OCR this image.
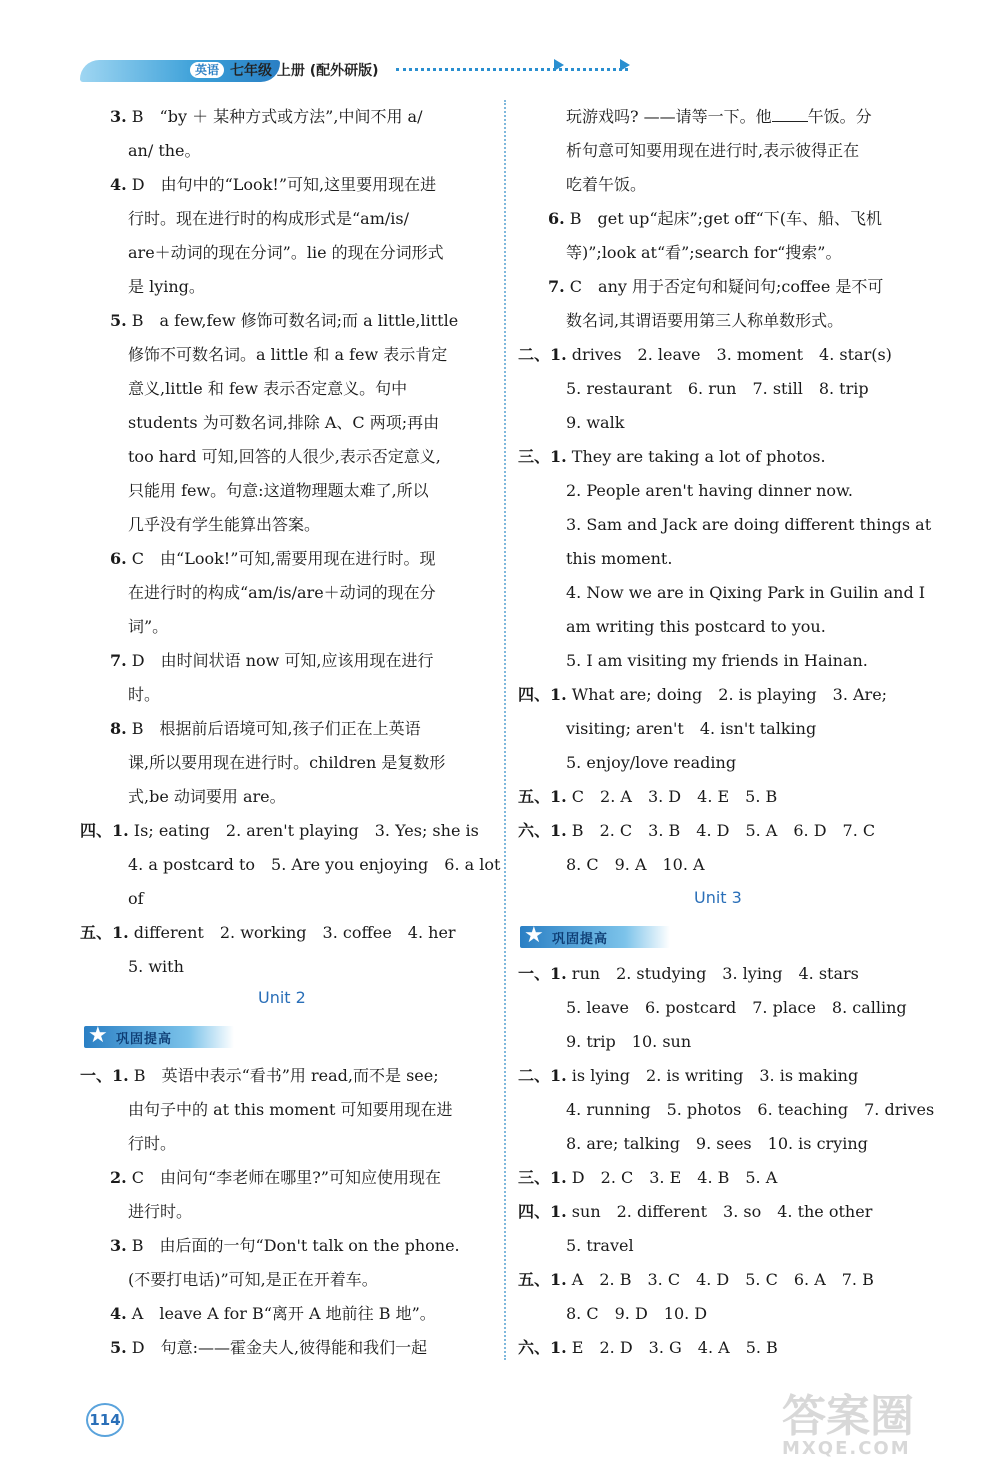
英语 七年级 上册 (配外研版)
3. B　“by ＋ 某种方式或方法”,中间不用 a/
an/ the。
4. D　由句中的“Look!”可知,这里要用现在进
行时。现在进行时的构成形式是“am/is/
are＋动词的现在分词”。lie 的现在分词形式
是 lying。
5. B　a few,few 修饰可数名词;而 a little,little
修饰不可数名词。a little 和 a few 表示肯定
意义,little 和 few 表示否定意义。句中
students 为可数名词,排除 A、C 两项;再由
too hard 可知,回答的人很少,表示否定意义,
只能用 few。句意:这道物理题太难了,所以
几乎没有学生能算出答案。
6. C　由“Look!”可知,需要用现在进行时。现
在进行时的构成“am/is/are＋动词的现在分
词”。
7. D　由时间状语 now 可知,应该用现在进行
时。
8. B　根据前后语境可知,孩子们正在上英语
课,所以要用现在进行时。children 是复数形
式,be 动词要用 are。
四、1. Is; eating　2. aren't playing　3. Yes; she is
4. a postcard to　5. Are you enjoying　6. a lot
of
五、1. different　2. working　3. coffee　4. her
5. with
Unit 2
★ 巩固提高
一、1. B　英语中表示“看书”用 read,而不是 see;
由句子中的 at this moment 可知要用现在进
行时。
2. C　由问句“李老师在哪里?”可知应使用现在
进行时。
3. B　由后面的一句“Don't talk on the phone.
(不要打电话)”可知,是正在开着车。
4. A　leave A for B“离开 A 地前往 B 地”。
5. D　句意:——霍金夫人,彼得能和我们一起
玩游戏吗? ——请等一下。他 午饭。分
析句意可知要用现在进行时,表示彼得正在
吃着午饭。
6. B　get up“起床”;get off“下(车、船、飞机
等)”;look at“看”;search for“搜索”。
7. C　any 用于否定句和疑问句;coffee 是不可
数名词,其谓语要用第三人称单数形式。
二、1. drives　2. leave　3. moment　4. star(s)
5. restaurant　6. run　7. still　8. trip
9. walk
三、1. They are taking a lot of photos.
2. People aren't having dinner now.
3. Sam and Jack are doing different things at
this moment.
4. Now we are in Qixing Park in Guilin and I
am writing this postcard to you.
5. I am visiting my friends in Hainan.
四、1. What are; doing　2. is playing　3. Are;
visiting; aren't　4. isn't talking
5. enjoy/love reading
五、1. C　2. A　3. D　4. E　5. B
六、1. B　2. C　3. B　4. D　5. A　6. D　7. C
8. C　9. A　10. A
Unit 3
★ 巩固提高
一、1. run　2. studying　3. lying　4. stars
5. leave　6. postcard　7. place　8. calling
9. trip　10. sun
二、1. is lying　2. is writing　3. is making
4. running　5. photos　6. teaching　7. drives
8. are; talking　9. sees　10. is crying
三、1. D　2. C　3. E　4. B　5. A
四、1. sun　2. different　3. so　4. the other
5. travel
五、1. A　2. B　3. C　4. D　5. C　6. A　7. B
8. C　9. D　10. D
六、1. E　2. D　3. G　4. A　5. B
114	答案圈
MXQE.COM
